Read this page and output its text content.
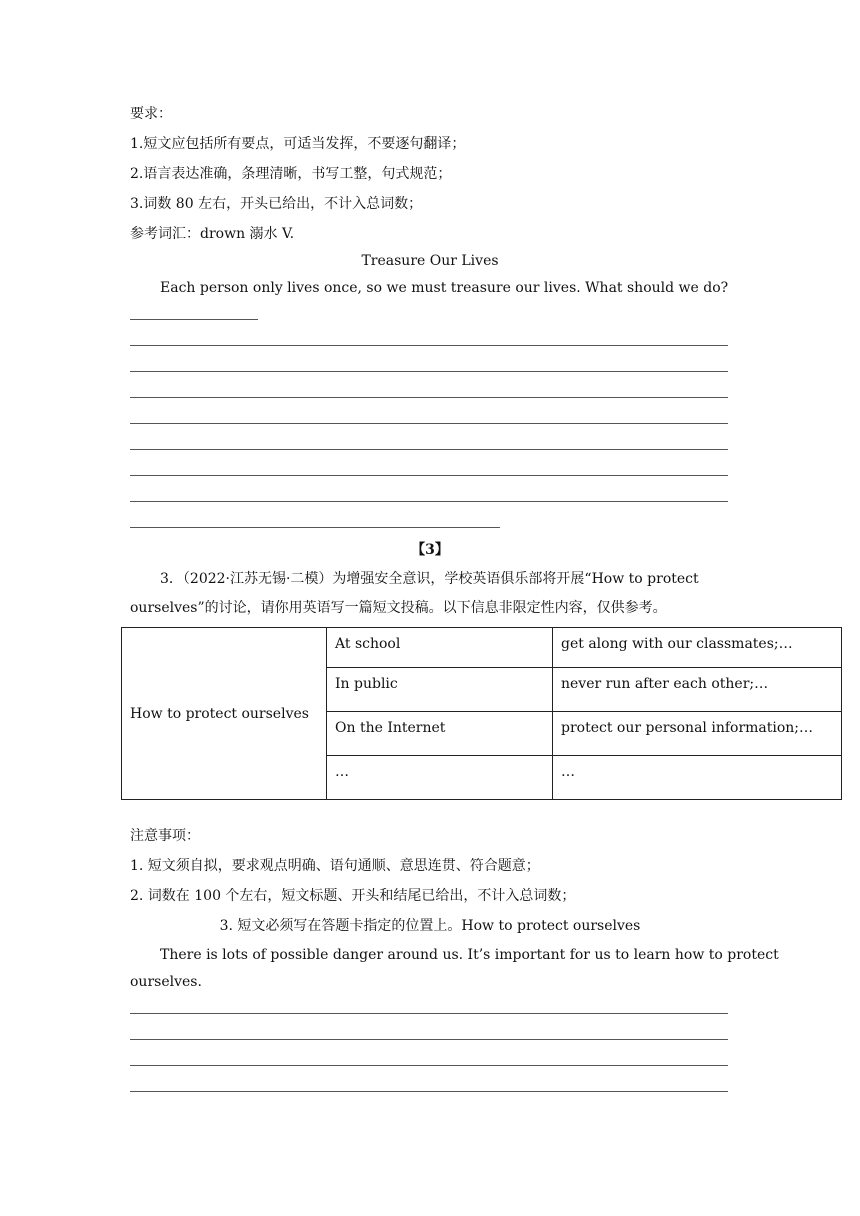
要求：
1.短文应包括所有要点，可适当发挥，不要逐句翻译；
2.语言表达准确，条理清晰，书写工整，句式规范；
3.词数 80 左右，开头已给出，不计入总词数；
参考词汇：drown 溺水 V.
Treasure Our Lives
Each person only lives once, so we must treasure our lives. What should we do?
【3】
3．（2022·江苏无锡·二模）为增强安全意识，学校英语俱乐部将开展“How to protect
ourselves”的讨论，请你用英语写一篇短文投稿。以下信息非限定性内容，仅供参考。
How to protect ourselves	At school	get along with our classmates;…
	In public	never run after each other;…
	On the Internet	protect our personal information;…
	…	…
注意事项：
1. 短文须自拟，要求观点明确、语句通顺、意思连贯、符合题意；
2. 词数在 100 个左右，短文标题、开头和结尾已给出，不计入总词数；
3. 短文必须写在答题卡指定的位置上。How to protect ourselves
There is lots of possible danger around us. It’s important for us to learn how to protect
ourselves.
